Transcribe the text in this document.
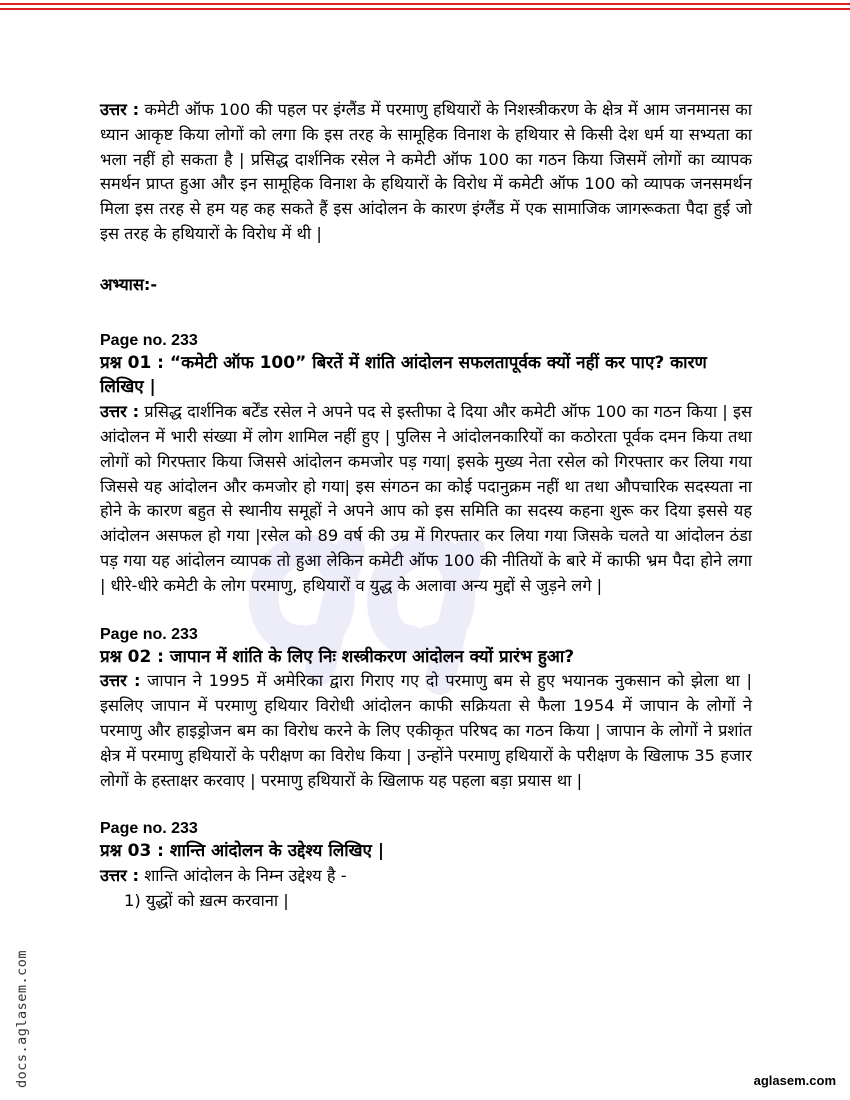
उत्तर : कमेटी ऑफ 100 की पहल पर इंग्लैंड में परमाणु हथियारों के निशस्त्रीकरण के क्षेत्र में आम जनमानस का ध्यान आकृष्ट किया लोगों को लगा कि इस तरह के सामूहिक विनाश के हथियार से किसी देश धर्म या सभ्यता का भला नहीं हो सकता है | प्रसिद्ध दार्शनिक रसेल ने कमेटी ऑफ 100 का गठन किया जिसमें लोगों का व्यापक समर्थन प्राप्त हुआ और इन सामूहिक विनाश के हथियारों के विरोध में कमेटी ऑफ 100 को व्यापक जनसमर्थन मिला इस तरह से हम यह कह सकते हैं इस आंदोलन के कारण इंग्लैंड में एक सामाजिक जागरूकता पैदा हुई जो इस तरह के हथियारों के विरोध में थी |

अभ्यास:-

Page no. 233

प्रश्न 01 : “कमेटी ऑफ 100” बिरतें में शांति आंदोलन सफलतापूर्वक क्यों नहीं कर पाए? कारण लिखिए |

उत्तर : प्रसिद्ध दार्शनिक बर्टेंड रसेल ने अपने पद से इस्तीफा दे दिया और कमेटी ऑफ 100 का गठन किया | इस आंदोलन में भारी संख्या में लोग शामिल नहीं हुए | पुलिस ने आंदोलनकारियों का कठोरता पूर्वक दमन किया तथा लोगों को गिरफ्तार किया जिससे आंदोलन कमजोर पड़ गया| इसके मुख्य नेता रसेल को गिरफ्तार कर लिया गया जिससे यह आंदोलन और कमजोर हो गया| इस संगठन का कोई पदानुक्रम नहीं था तथा औपचारिक सदस्यता ना होने के कारण बहुत से स्थानीय समूहों ने अपने आप को इस समिति का सदस्य कहना शुरू कर दिया इससे यह आंदोलन असफल हो गया |रसेल को 89 वर्ष की उम्र में गिरफ्तार कर लिया गया जिसके चलते या आंदोलन ठंडा पड़ गया यह आंदोलन व्यापक तो हुआ लेकिन कमेटी ऑफ 100 की नीतियों के बारे में काफी भ्रम पैदा होने लगा | धीरे-धीरे कमेटी के लोग परमाणु, हथियारों व युद्ध के अलावा अन्य मुद्दों से जुड़ने लगे |

Page no. 233

प्रश्न 02 : जापान में शांति के लिए निः शस्त्रीकरण आंदोलन क्यों प्रारंभ हुआ?

उत्तर : जापान ने 1995 में अमेरिका द्वारा गिराए गए दो परमाणु बम से हुए भयानक नुकसान को झेला था | इसलिए जापान में परमाणु हथियार विरोधी आंदोलन काफी सक्रियता से फैला 1954 में जापान के लोगों ने परमाणु और हाइड्रोजन बम का विरोध करने के लिए एकीकृत परिषद का गठन किया | जापान के लोगों ने प्रशांत क्षेत्र में परमाणु हथियारों के परीक्षण का विरोध किया | उन्होंने परमाणु हथियारों के परीक्षण के खिलाफ 35 हजार लोगों के हस्ताक्षर करवाए | परमाणु हथियारों के खिलाफ यह पहला बड़ा प्रयास था |

Page no. 233

प्रश्न 03 : शान्ति आंदोलन के उद्देश्य लिखिए |

उत्तर : शान्ति आंदोलन के निम्न उद्देश्य है -

1) युद्धों को ख़त्म करवाना |

docs.aglasem.com	aglasem.com
